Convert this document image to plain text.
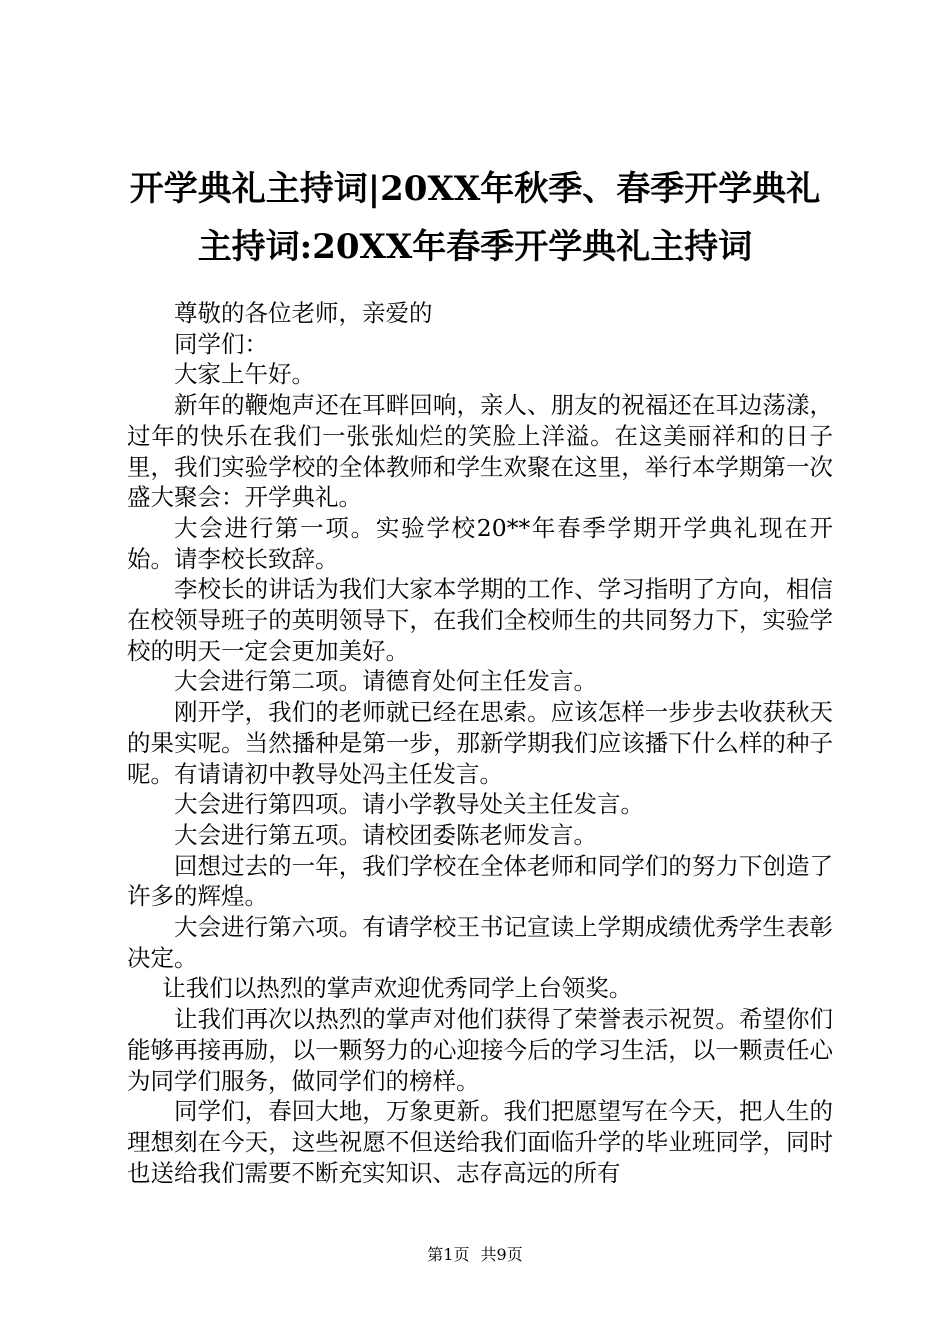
开学典礼主持词|20XX年秋季、春季开学典礼
主持词:20XX年春季开学典礼主持词

尊敬的各位老师，亲爱的

同学们：

大家上午好。

新年的鞭炮声还在耳畔回响，亲人、朋友的祝福还在耳边荡漾，过年的快乐在我们一张张灿烂的笑脸上洋溢。在这美丽祥和的日子里，我们实验学校的全体教师和学生欢聚在这里，举行本学期第一次盛大聚会：开学典礼。

大会进行第一项。实验学校20**年春季学期开学典礼现在开始。请李校长致辞。

李校长的讲话为我们大家本学期的工作、学习指明了方向，相信在校领导班子的英明领导下，在我们全校师生的共同努力下，实验学校的明天一定会更加美好。

大会进行第二项。请德育处何主任发言。

刚开学，我们的老师就已经在思索。应该怎样一步步去收获秋天的果实呢。当然播种是第一步，那新学期我们应该播下什么样的种子呢。有请请初中教导处冯主任发言。

大会进行第四项。请小学教导处关主任发言。

大会进行第五项。请校团委陈老师发言。

回想过去的一年，我们学校在全体老师和同学们的努力下创造了许多的辉煌。

大会进行第六项。有请学校王书记宣读上学期成绩优秀学生表彰决定。

让我们以热烈的掌声欢迎优秀同学上台领奖。

让我们再次以热烈的掌声对他们获得了荣誉表示祝贺。希望你们能够再接再励，以一颗努力的心迎接今后的学习生活，以一颗责任心为同学们服务，做同学们的榜样。

同学们，春回大地，万象更新。我们把愿望写在今天，把人生的理想刻在今天，这些祝愿不但送给我们面临升学的毕业班同学，同时也送给我们需要不断充实知识、志存高远的所有

第1页 共9页
